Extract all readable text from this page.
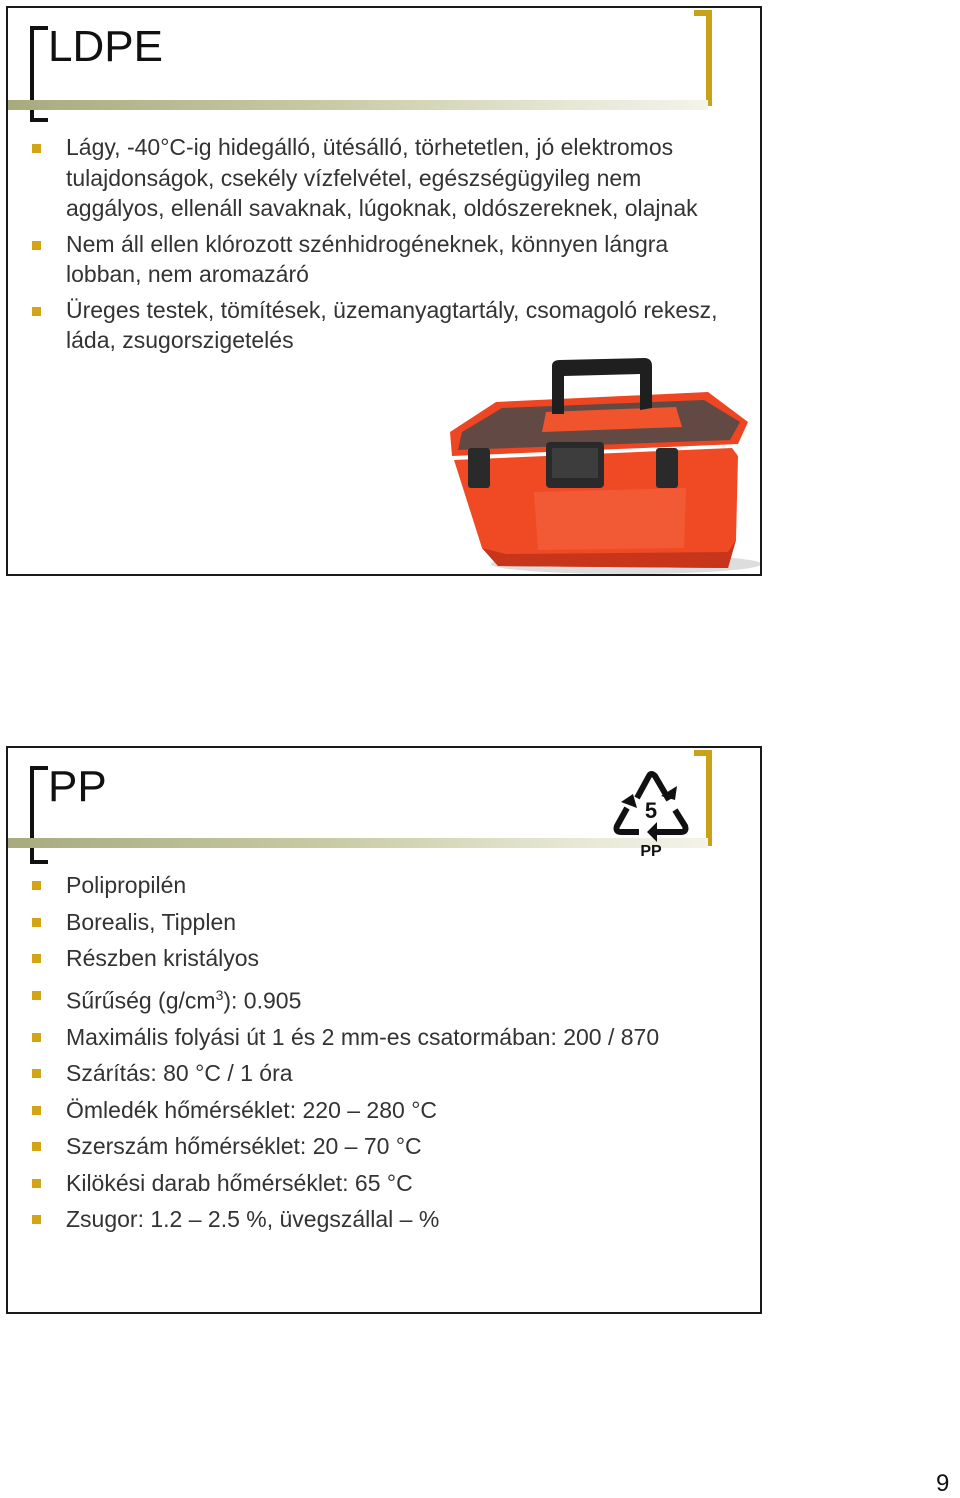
LDPE
Lágy, -40°C-ig hidegálló, ütésálló, törhetetlen, jó elektromos tulajdonságok, csekély vízfelvétel, egészségügyileg nem aggályos, ellenáll savaknak, lúgoknak, oldószereknek, olajnak
Nem áll ellen klórozott szénhidrogéneknek, könnyen lángra lobban, nem aromazáró
Üreges testek, tömítések, üzemanyagtartály, csomagoló rekesz, láda, zsugorszigetelés
PP	5
PP
Polipropilén
Borealis, Tipplen
Részben kristályos
Sűrűség $(g/cm^3)$: 0.905
Maximális folyási út 1 és 2 mm-es csatormában: 200 / 870
Szárítás: 80 °C / 1 óra
Ömledék hőmérséklet: 220 – 280 °C
Szerszám hőmérséklet: 20 – 70 °C
Kilökési darab hőmérséklet: 65 °C
Zsugor: 1.2 – 2.5 %, üvegszállal – %
9
